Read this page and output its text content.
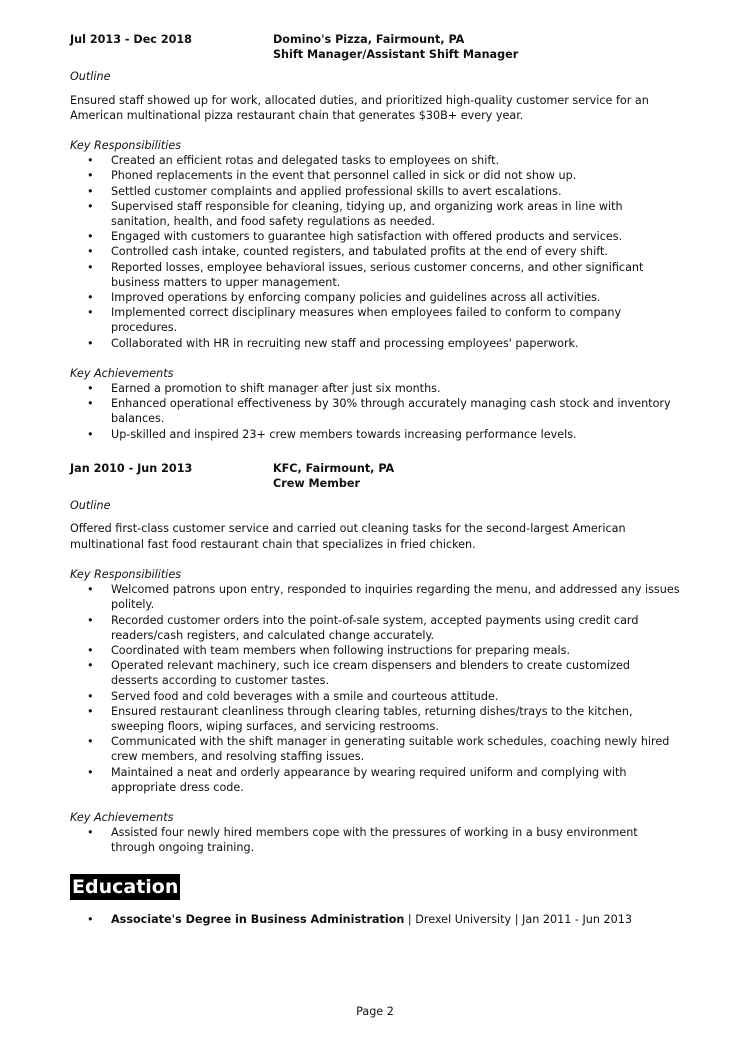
Jul 2013 - Dec 2018	Domino's Pizza, Fairmount, PA
Shift Manager/Assistant Shift Manager
Outline

Ensured staff showed up for work, allocated duties, and prioritized high-quality customer service for an American multinational pizza restaurant chain that generates $30B+ every year.

Key Responsibilities
• Created an efficient rotas and delegated tasks to employees on shift.
• Phoned replacements in the event that personnel called in sick or did not show up.
• Settled customer complaints and applied professional skills to avert escalations.
• Supervised staff responsible for cleaning, tidying up, and organizing work areas in line with sanitation, health, and food safety regulations as needed.
• Engaged with customers to guarantee high satisfaction with offered products and services.
• Controlled cash intake, counted registers, and tabulated profits at the end of every shift.
• Reported losses, employee behavioral issues, serious customer concerns, and other significant business matters to upper management.
• Improved operations by enforcing company policies and guidelines across all activities.
• Implemented correct disciplinary measures when employees failed to conform to company procedures.
• Collaborated with HR in recruiting new staff and processing employees' paperwork.
Key Achievements
• Earned a promotion to shift manager after just six months.
• Enhanced operational effectiveness by 30% through accurately managing cash stock and inventory balances.
• Up-skilled and inspired 23+ crew members towards increasing performance levels.
Jan 2010 - Jun 2013	KFC, Fairmount, PA
Crew Member
Outline

Offered first-class customer service and carried out cleaning tasks for the second-largest American multinational fast food restaurant chain that specializes in fried chicken.

Key Responsibilities
• Welcomed patrons upon entry, responded to inquiries regarding the menu, and addressed any issues politely.
• Recorded customer orders into the point-of-sale system, accepted payments using credit card readers/cash registers, and calculated change accurately.
• Coordinated with team members when following instructions for preparing meals.
• Operated relevant machinery, such ice cream dispensers and blenders to create customized desserts according to customer tastes.
• Served food and cold beverages with a smile and courteous attitude.
• Ensured restaurant cleanliness through clearing tables, returning dishes/trays to the kitchen, sweeping floors, wiping surfaces, and servicing restrooms.
• Communicated with the shift manager in generating suitable work schedules, coaching newly hired crew members, and resolving staffing issues.
• Maintained a neat and orderly appearance by wearing required uniform and complying with appropriate dress code.
Key Achievements
• Assisted four newly hired members cope with the pressures of working in a busy environment through ongoing training.
Education
• Associate's Degree in Business Administration | Drexel University | Jan 2011 - Jun 2013
Page 2
